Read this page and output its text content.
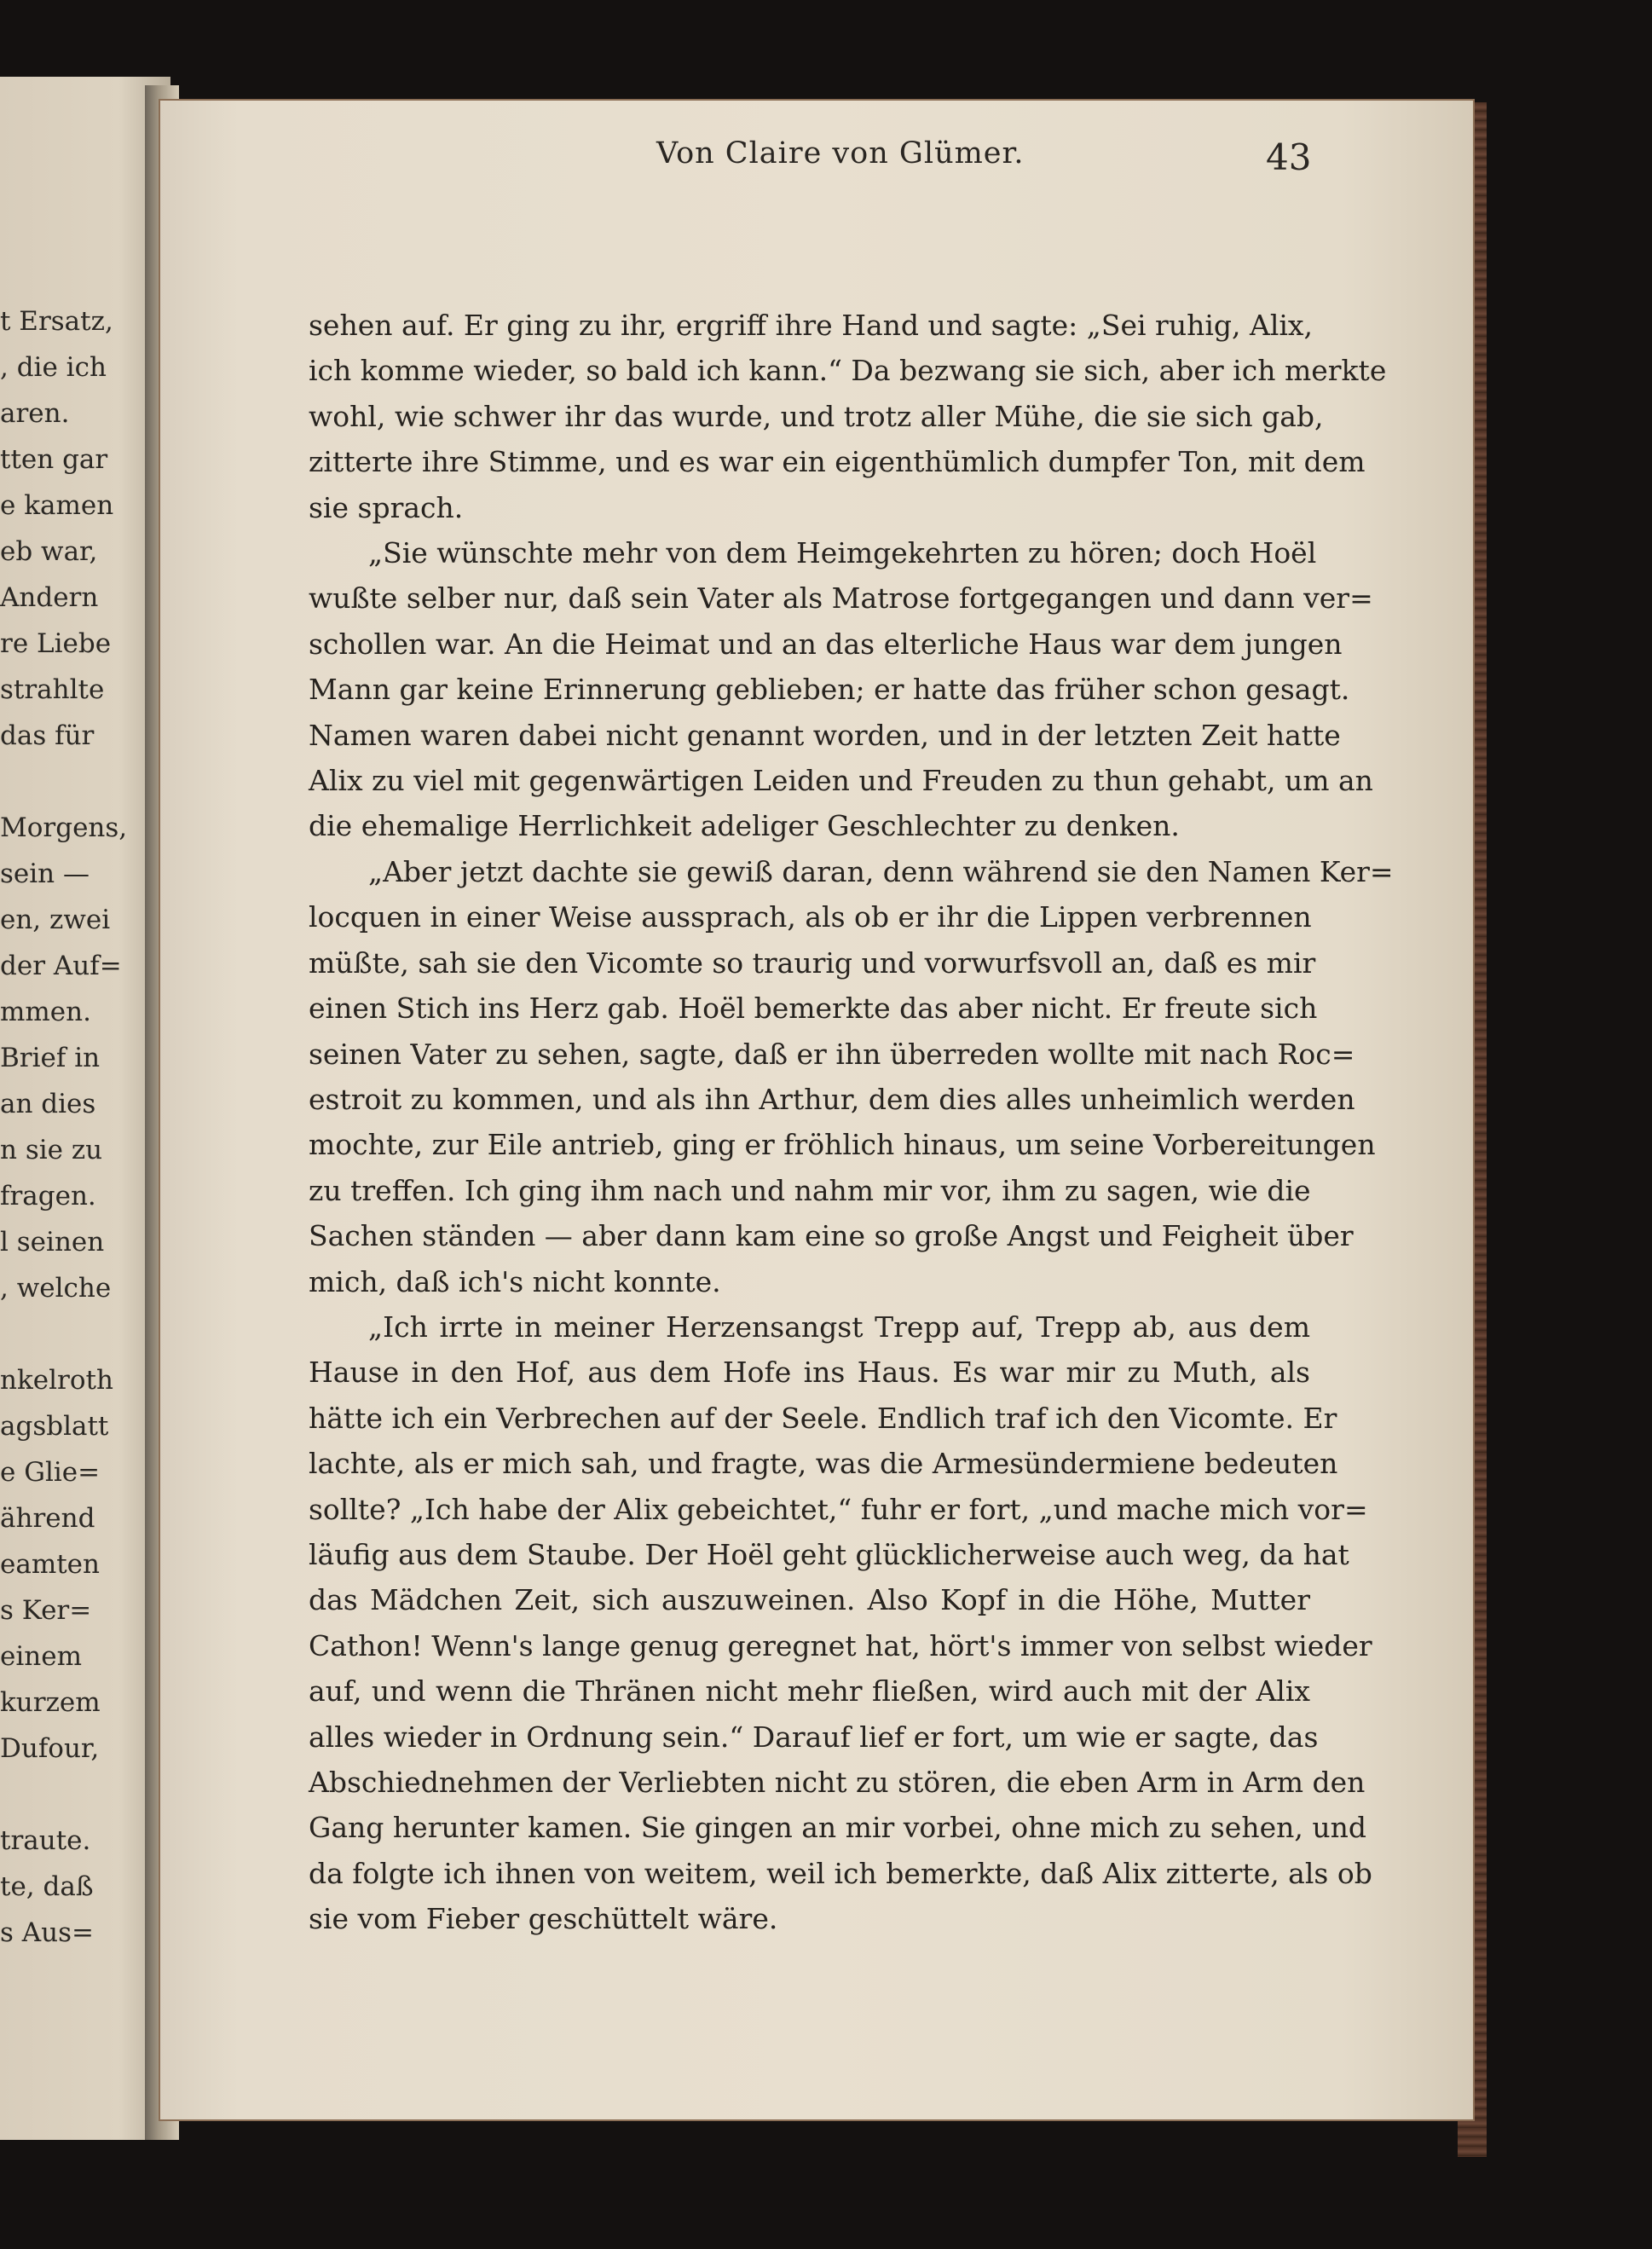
t Ersatz,
, die ich
aren.
tten gar
e kamen
eb war,
Andern
re Liebe
strahlte
das für

Morgens,
sein —
en, zwei
der Auf=
mmen.
Brief in
an dies
n sie zu
fragen.
l seinen
, welche

nkelroth
agsblatt
e Glie=
ährend
eamten
s Ker=
einem
kurzem
Dufour,

traute.
te, daß
s Aus=
Von Claire von Glümer.	43
sehen auf. Er ging zu ihr, ergriff ihre Hand und sagte: „Sei ruhig, Alix,
ich komme wieder, so bald ich kann.“ Da bezwang sie sich, aber ich merkte
wohl, wie schwer ihr das wurde, und trotz aller Mühe, die sie sich gab,
zitterte ihre Stimme, und es war ein eigenthümlich dumpfer Ton, mit dem
sie sprach.
„Sie wünschte mehr von dem Heimgekehrten zu hören; doch Hoël
wußte selber nur, daß sein Vater als Matrose fortgegangen und dann ver=
schollen war. An die Heimat und an das elterliche Haus war dem jungen
Mann gar keine Erinnerung geblieben; er hatte das früher schon gesagt.
Namen waren dabei nicht genannt worden, und in der letzten Zeit hatte
Alix zu viel mit gegenwärtigen Leiden und Freuden zu thun gehabt, um an
die ehemalige Herrlichkeit adeliger Geschlechter zu denken.
„Aber jetzt dachte sie gewiß daran, denn während sie den Namen Ker=
locquen in einer Weise aussprach, als ob er ihr die Lippen verbrennen
müßte, sah sie den Vicomte so traurig und vorwurfsvoll an, daß es mir
einen Stich ins Herz gab. Hoël bemerkte das aber nicht. Er freute sich
seinen Vater zu sehen, sagte, daß er ihn überreden wollte mit nach Roc=
estroit zu kommen, und als ihn Arthur, dem dies alles unheimlich werden
mochte, zur Eile antrieb, ging er fröhlich hinaus, um seine Vorbereitungen
zu treffen. Ich ging ihm nach und nahm mir vor, ihm zu sagen, wie die
Sachen ständen — aber dann kam eine so große Angst und Feigheit über
mich, daß ich's nicht konnte.
„Ich irrte in meiner Herzensangst Trepp auf, Trepp ab, aus dem
Hause in den Hof, aus dem Hofe ins Haus. Es war mir zu Muth, als
hätte ich ein Verbrechen auf der Seele. Endlich traf ich den Vicomte. Er
lachte, als er mich sah, und fragte, was die Armesündermiene bedeuten
sollte? „Ich habe der Alix gebeichtet,“ fuhr er fort, „und mache mich vor=
läufig aus dem Staube. Der Hoël geht glücklicherweise auch weg, da hat
das Mädchen Zeit, sich auszuweinen. Also Kopf in die Höhe, Mutter
Cathon! Wenn's lange genug geregnet hat, hört's immer von selbst wieder
auf, und wenn die Thränen nicht mehr fließen, wird auch mit der Alix
alles wieder in Ordnung sein.“ Darauf lief er fort, um wie er sagte, das
Abschiednehmen der Verliebten nicht zu stören, die eben Arm in Arm den
Gang herunter kamen. Sie gingen an mir vorbei, ohne mich zu sehen, und
da folgte ich ihnen von weitem, weil ich bemerkte, daß Alix zitterte, als ob
sie vom Fieber geschüttelt wäre.
